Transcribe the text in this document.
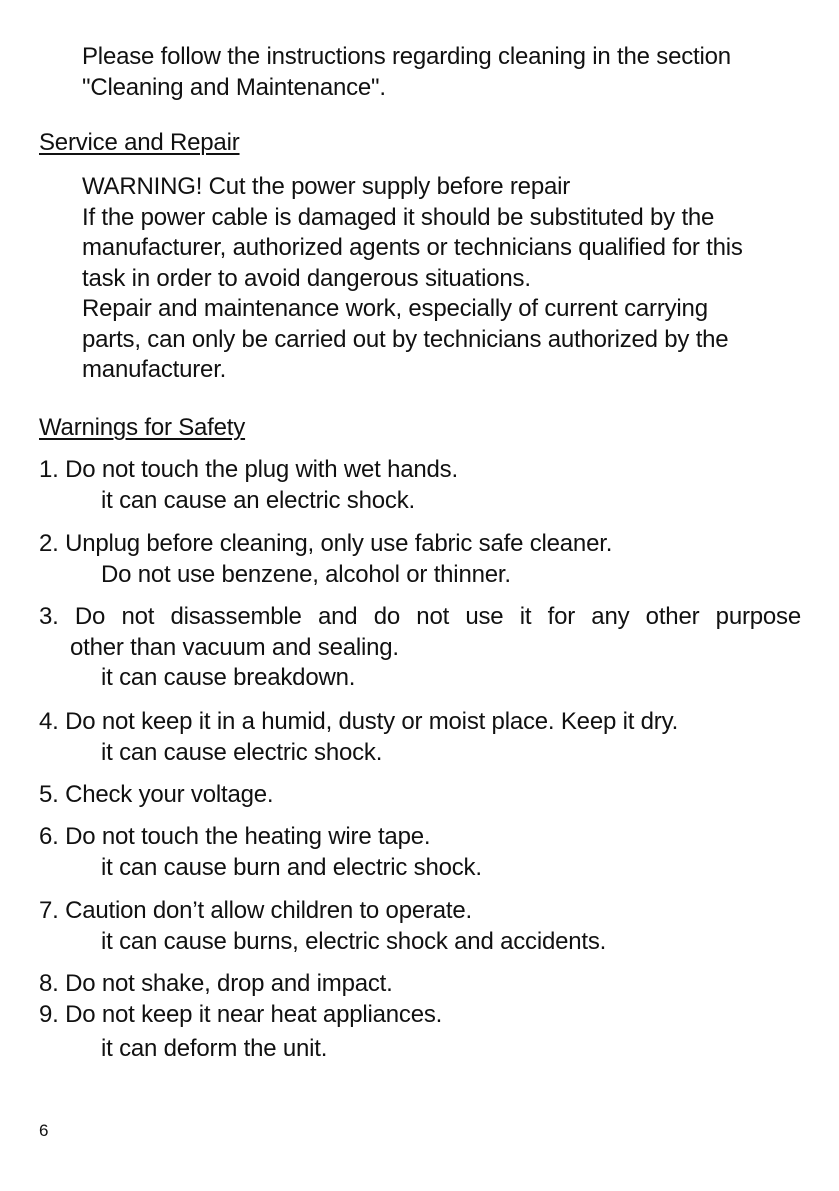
Please follow the instructions regarding cleaning in the section
"Cleaning and Maintenance".
Service and Repair
WARNING! Cut the power supply before repair
If the power cable is damaged it should be substituted by the
manufacturer, authorized agents or technicians qualified for this
task in order to avoid dangerous situations.
Repair and maintenance work, especially of current carrying
parts, can only be carried out by technicians authorized by the
manufacturer.
Warnings for Safety
1. Do not touch the plug with wet hands.
it can cause an electric shock.
2. Unplug before cleaning, only use fabric safe cleaner.
Do not use benzene, alcohol or thinner.
3. Do not disassemble and do not use it for any other purpose
other than vacuum and sealing.
it can cause breakdown.
4. Do not keep it in a humid, dusty or moist place. Keep it dry.
it can cause electric shock.
5. Check your voltage.
6. Do not touch the heating wire tape.
it can cause burn and electric shock.
7. Caution don’t allow children to operate.
it can cause burns, electric shock and accidents.
8. Do not shake, drop and impact.
9. Do not keep it near heat appliances.
it can deform the unit.
6
